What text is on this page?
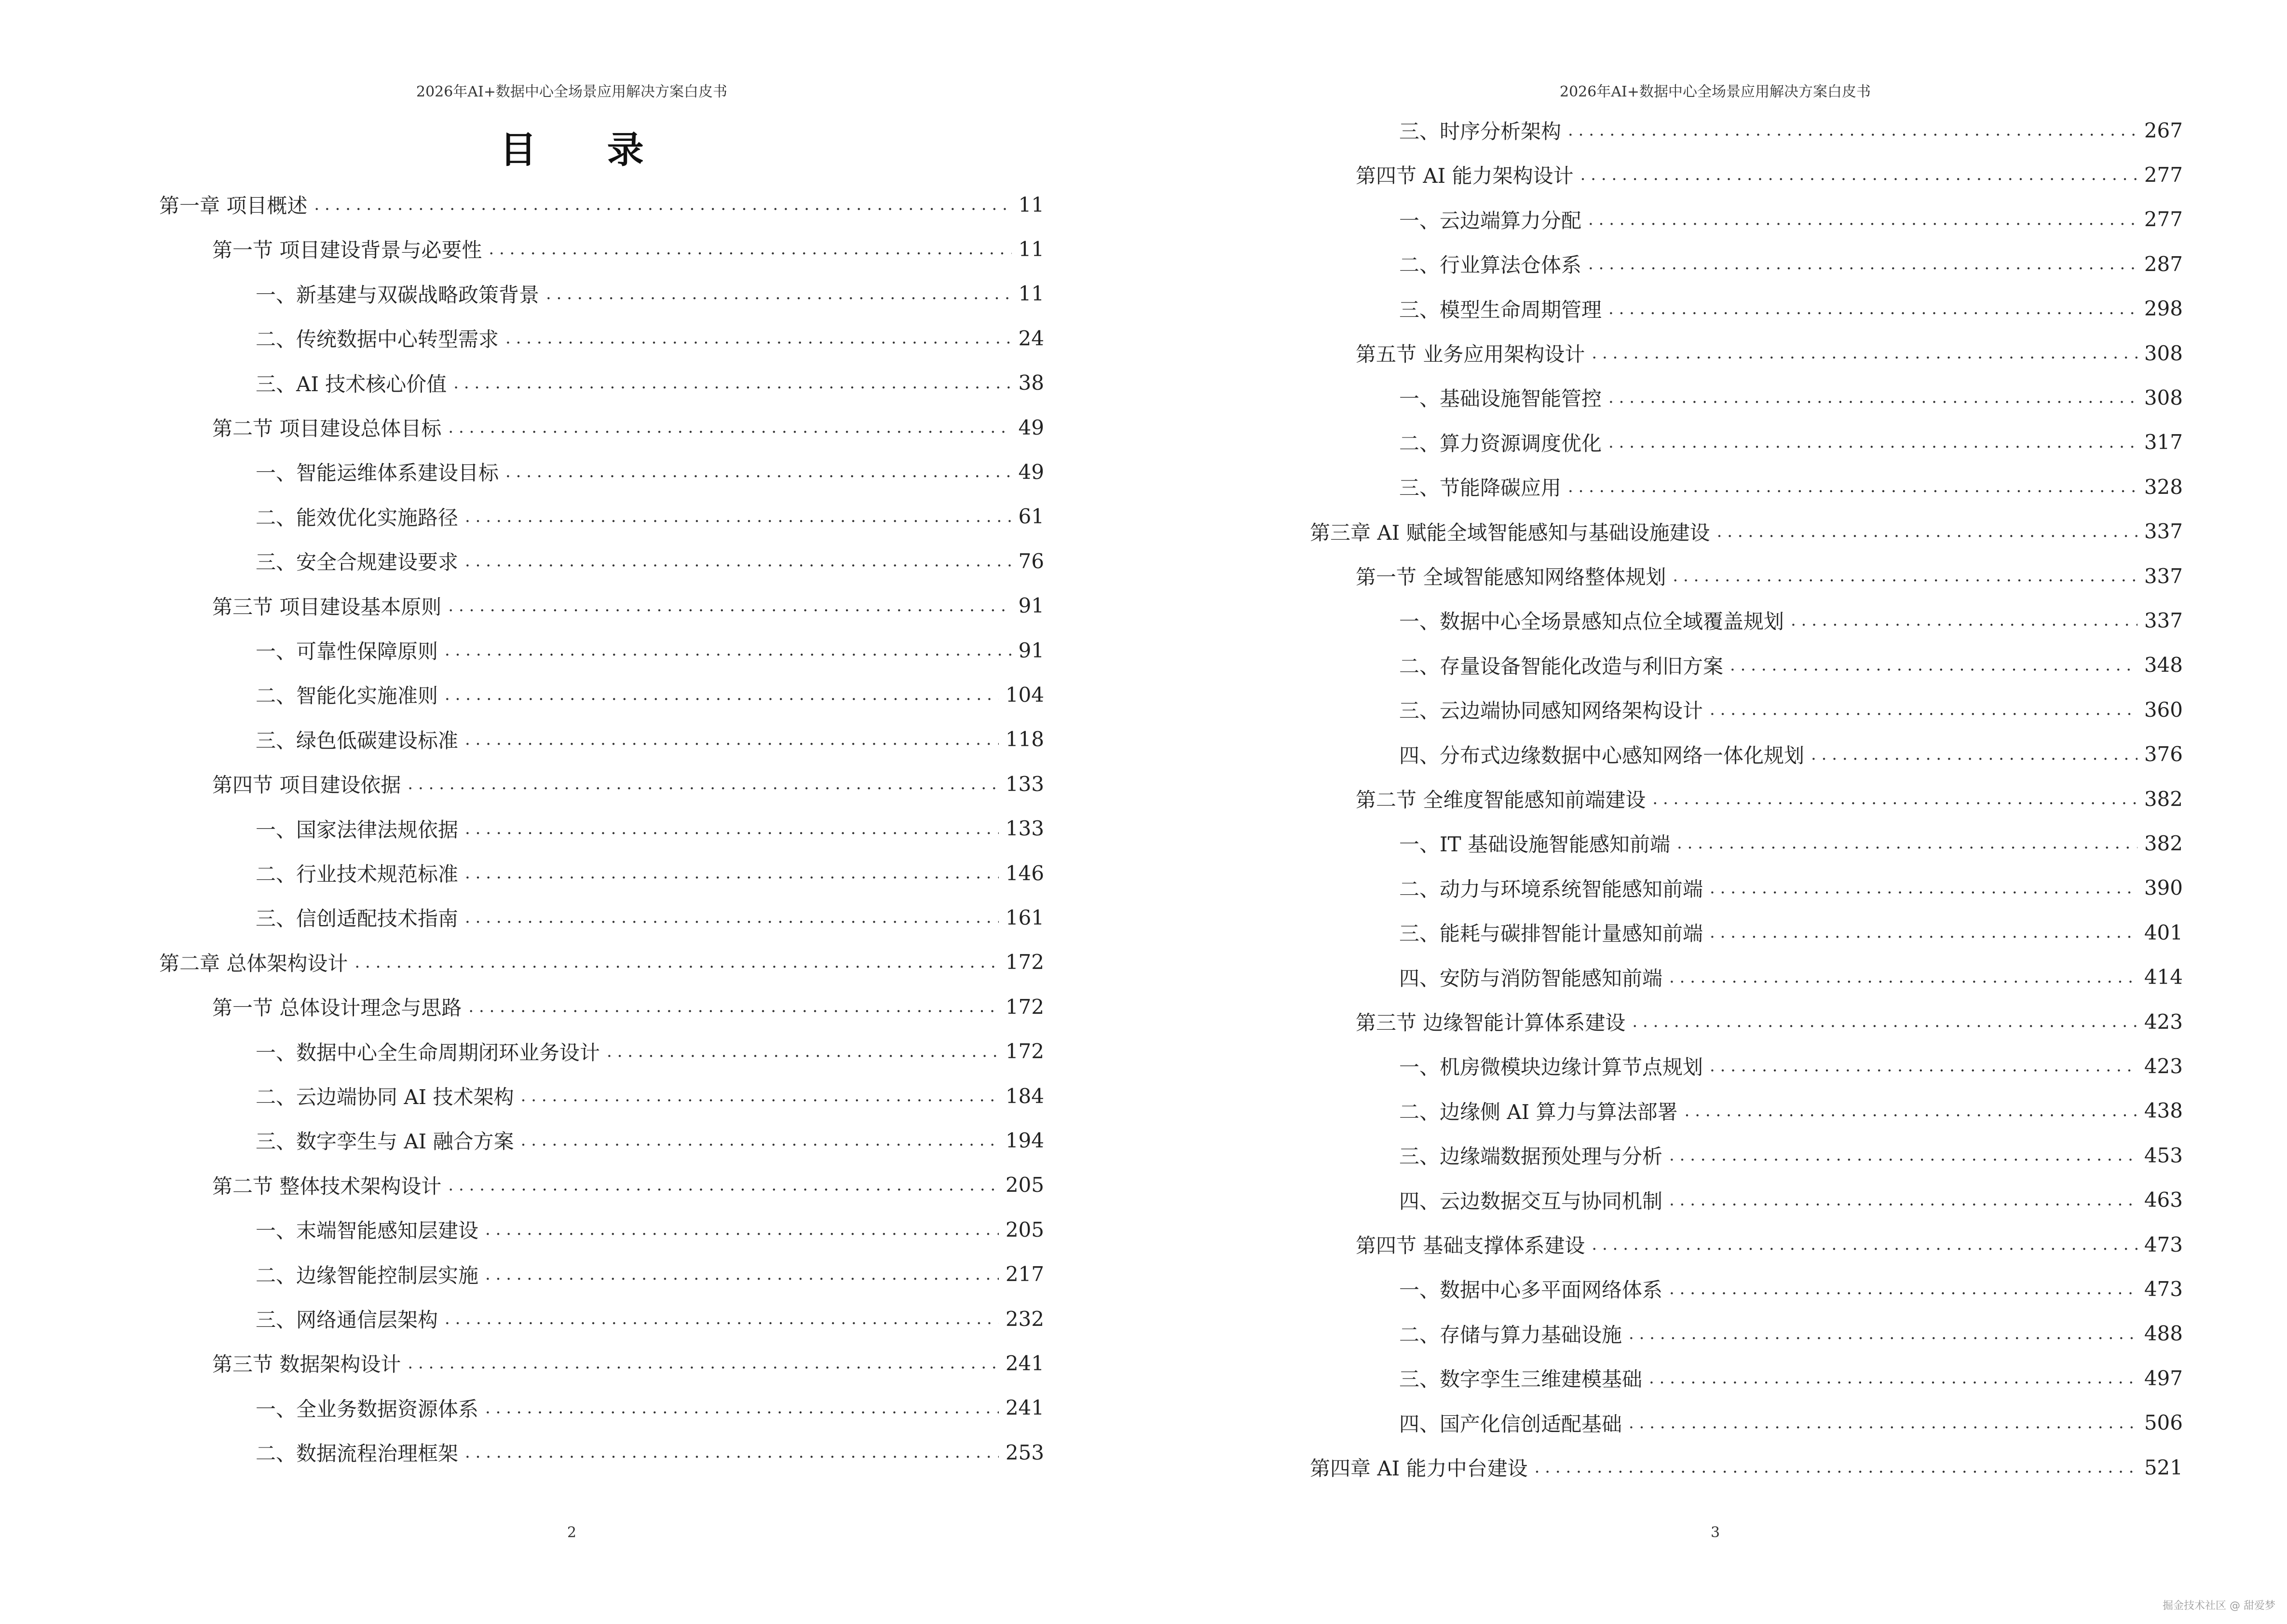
2026年AI+数据中心全场景应用解决方案白皮书
目 录
第一章 项目概述 . . .	11
第一节 项目建设背景与必要性 . . .	11
一、新基建与双碳战略政策背景 . . .	11
二、传统数据中心转型需求 . . .	24
三、AI 技术核心价值 . . .	38
第二节 项目建设总体目标 . . .	49
一、智能运维体系建设目标 . . .	49
二、能效优化实施路径 . . .	61
三、安全合规建设要求 . . .	76
第三节 项目建设基本原则 . . .	91
一、可靠性保障原则 . . .	91
二、智能化实施准则 . . .	104
三、绿色低碳建设标准 . . .	118
第四节 项目建设依据 . . .	133
一、国家法律法规依据 . . .	133
二、行业技术规范标准 . . .	146
三、信创适配技术指南 . . .	161
第二章 总体架构设计 . . .	172
第一节 总体设计理念与思路 . . .	172
一、数据中心全生命周期闭环业务设计 . . .	172
二、云边端协同 AI 技术架构 . . .	184
三、数字孪生与 AI 融合方案 . . .	194
第二节 整体技术架构设计 . . .	205
一、末端智能感知层建设 . . .	205
二、边缘智能控制层实施 . . .	217
三、网络通信层架构 . . .	232
第三节 数据架构设计 . . .	241
一、全业务数据资源体系 . . .	241
二、数据流程治理框架 . . .	253
2
2026年AI+数据中心全场景应用解决方案白皮书
三、时序分析架构 . . .	267
第四节 AI 能力架构设计 . . .	277
一、云边端算力分配 . . .	277
二、行业算法仓体系 . . .	287
三、模型生命周期管理 . . .	298
第五节 业务应用架构设计 . . .	308
一、基础设施智能管控 . . .	308
二、算力资源调度优化 . . .	317
三、节能降碳应用 . . .	328
第三章 AI 赋能全域智能感知与基础设施建设 . . .	337
第一节 全域智能感知网络整体规划 . . .	337
一、数据中心全场景感知点位全域覆盖规划 . . .	337
二、存量设备智能化改造与利旧方案 . . .	348
三、云边端协同感知网络架构设计 . . .	360
四、分布式边缘数据中心感知网络一体化规划 . . .	376
第二节 全维度智能感知前端建设 . . .	382
一、IT 基础设施智能感知前端 . . .	382
二、动力与环境系统智能感知前端 . . .	390
三、能耗与碳排智能计量感知前端 . . .	401
四、安防与消防智能感知前端 . . .	414
第三节 边缘智能计算体系建设 . . .	423
一、机房微模块边缘计算节点规划 . . .	423
二、边缘侧 AI 算力与算法部署 . . .	438
三、边缘端数据预处理与分析 . . .	453
四、云边数据交互与协同机制 . . .	463
第四节 基础支撑体系建设 . . .	473
一、数据中心多平面网络体系 . . .	473
二、存储与算力基础设施 . . .	488
三、数字孪生三维建模基础 . . .	497
四、国产化信创适配基础 . . .	506
第四章 AI 能力中台建设 . . .	521
3
掘金技术社区 @ 甜爱梦
